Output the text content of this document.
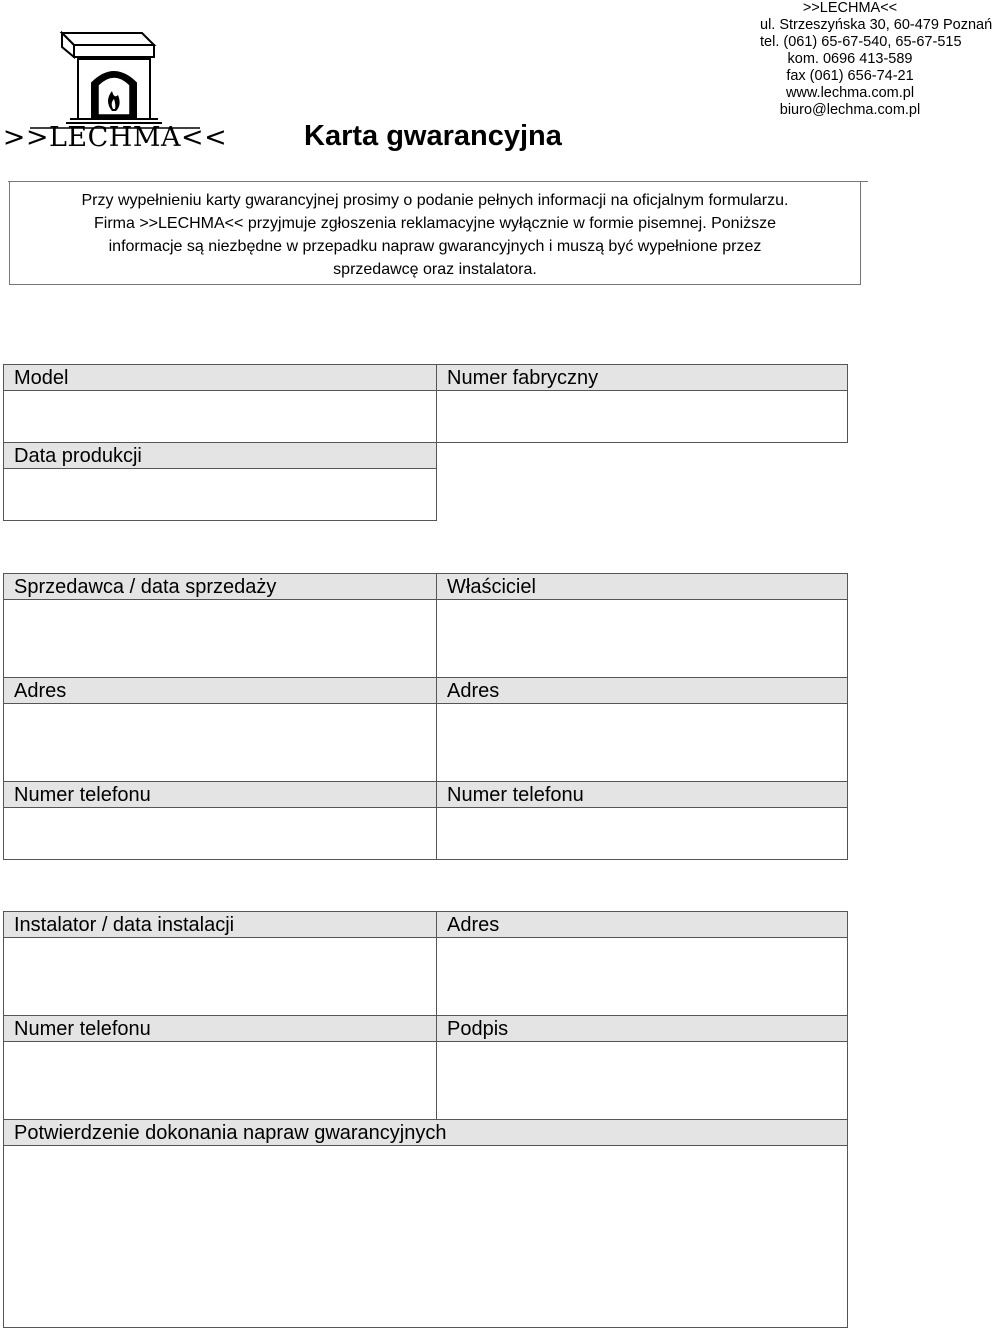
>>LECHMA<<	Karta gwarancyjna
>>LECHMA<<
ul. Strzeszyńska 30, 60-479 Poznań
tel. (061) 65-67-540, 65-67-515
kom. 0696 413-589
fax (061) 656-74-21
www.lechma.com.pl
biuro@lechma.com.pl
Przy wypełnieniu karty gwarancyjnej prosimy o podanie pełnych informacji na oficjalnym formularzu.
Firma >>LECHMA<< przyjmuje zgłoszenia reklamacyjne wyłącznie w formie pisemnej. Poniższe
informacje są niezbędne w przepadku napraw gwarancyjnych i muszą być wypełnione przez
sprzedawcę oraz instalatora.
Model	Numer fabryczny
Data produkcji
Sprzedawca / data sprzedaży	Właściciel
Adres	Adres
Numer telefonu	Numer telefonu
Instalator / data instalacji	Adres
Numer telefonu	Podpis
Potwierdzenie dokonania napraw gwarancyjnych
